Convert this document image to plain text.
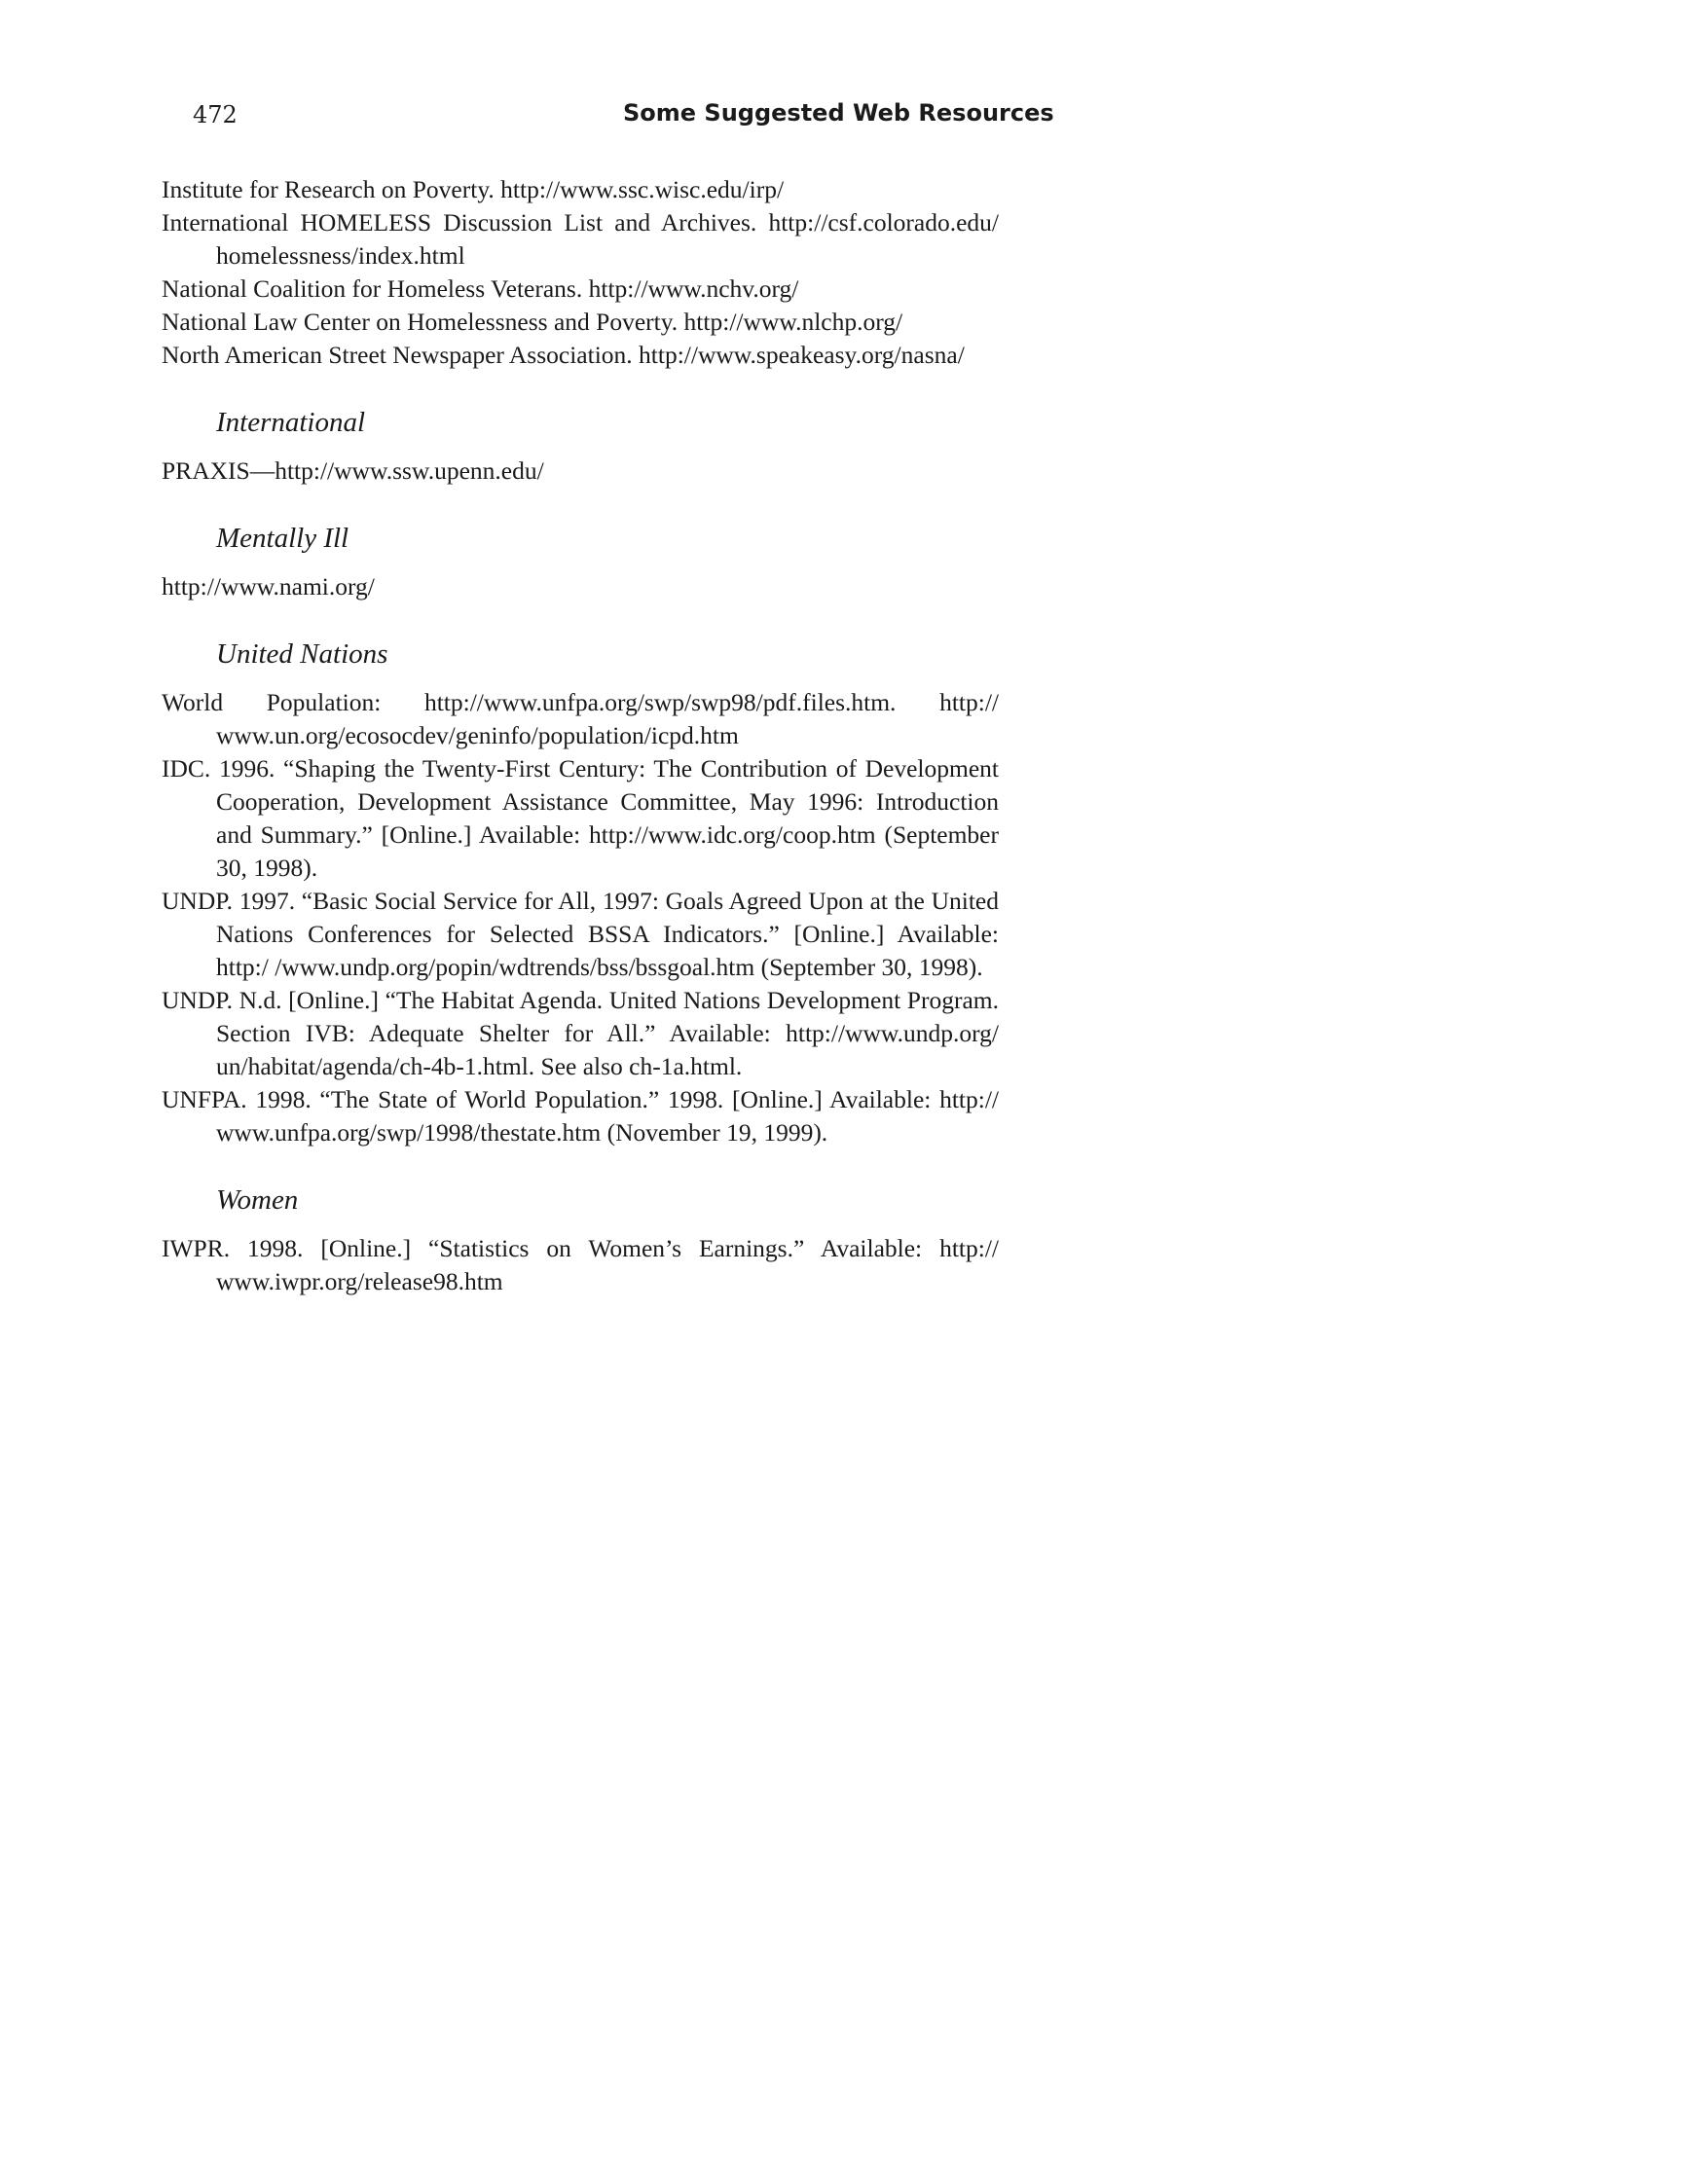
472	Some Suggested Web Resources

Institute for Research on Poverty. http://www.ssc.wisc.edu/irp/

International HOMELESS Discussion List and Archives. http://csf.colorado.edu/ homelessness/index.html

National Coalition for Homeless Veterans. http://www.nchv.org/

National Law Center on Homelessness and Poverty. http://www.nlchp.org/

North American Street Newspaper Association. http://www.speakeasy.org/nasna/

International

PRAXIS—http://www.ssw.upenn.edu/

Mentally Ill

http://www.nami.org/

United Nations

World Population: http://www.unfpa.org/swp/swp98/pdf.files.htm. http:// www.un.org/ecosocdev/geninfo/population/icpd.htm

IDC. 1996. “Shaping the Twenty-First Century: The Contribution of Development Cooperation, Development Assistance Committee, May 1996: Introduction and Summary.” [Online.] Available: http://www.idc.org/coop.htm (September 30, 1998).

UNDP. 1997. “Basic Social Service for All, 1997: Goals Agreed Upon at the United Nations Conferences for Selected BSSA Indicators.” [Online.] Available: http:/ /www.undp.org/popin/wdtrends/bss/bssgoal.htm (September 30, 1998).

UNDP. N.d. [Online.] “The Habitat Agenda. United Nations Development Program. Section IVB: Adequate Shelter for All.” Available: http://www.undp.org/ un/habitat/agenda/ch-4b-1.html. See also ch-1a.html.

UNFPA. 1998. “The State of World Population.” 1998. [Online.] Available: http:// www.unfpa.org/swp/1998/thestate.htm (November 19, 1999).

Women

IWPR. 1998. [Online.] “Statistics on Women’s Earnings.” Available: http:// www.iwpr.org/release98.htm
